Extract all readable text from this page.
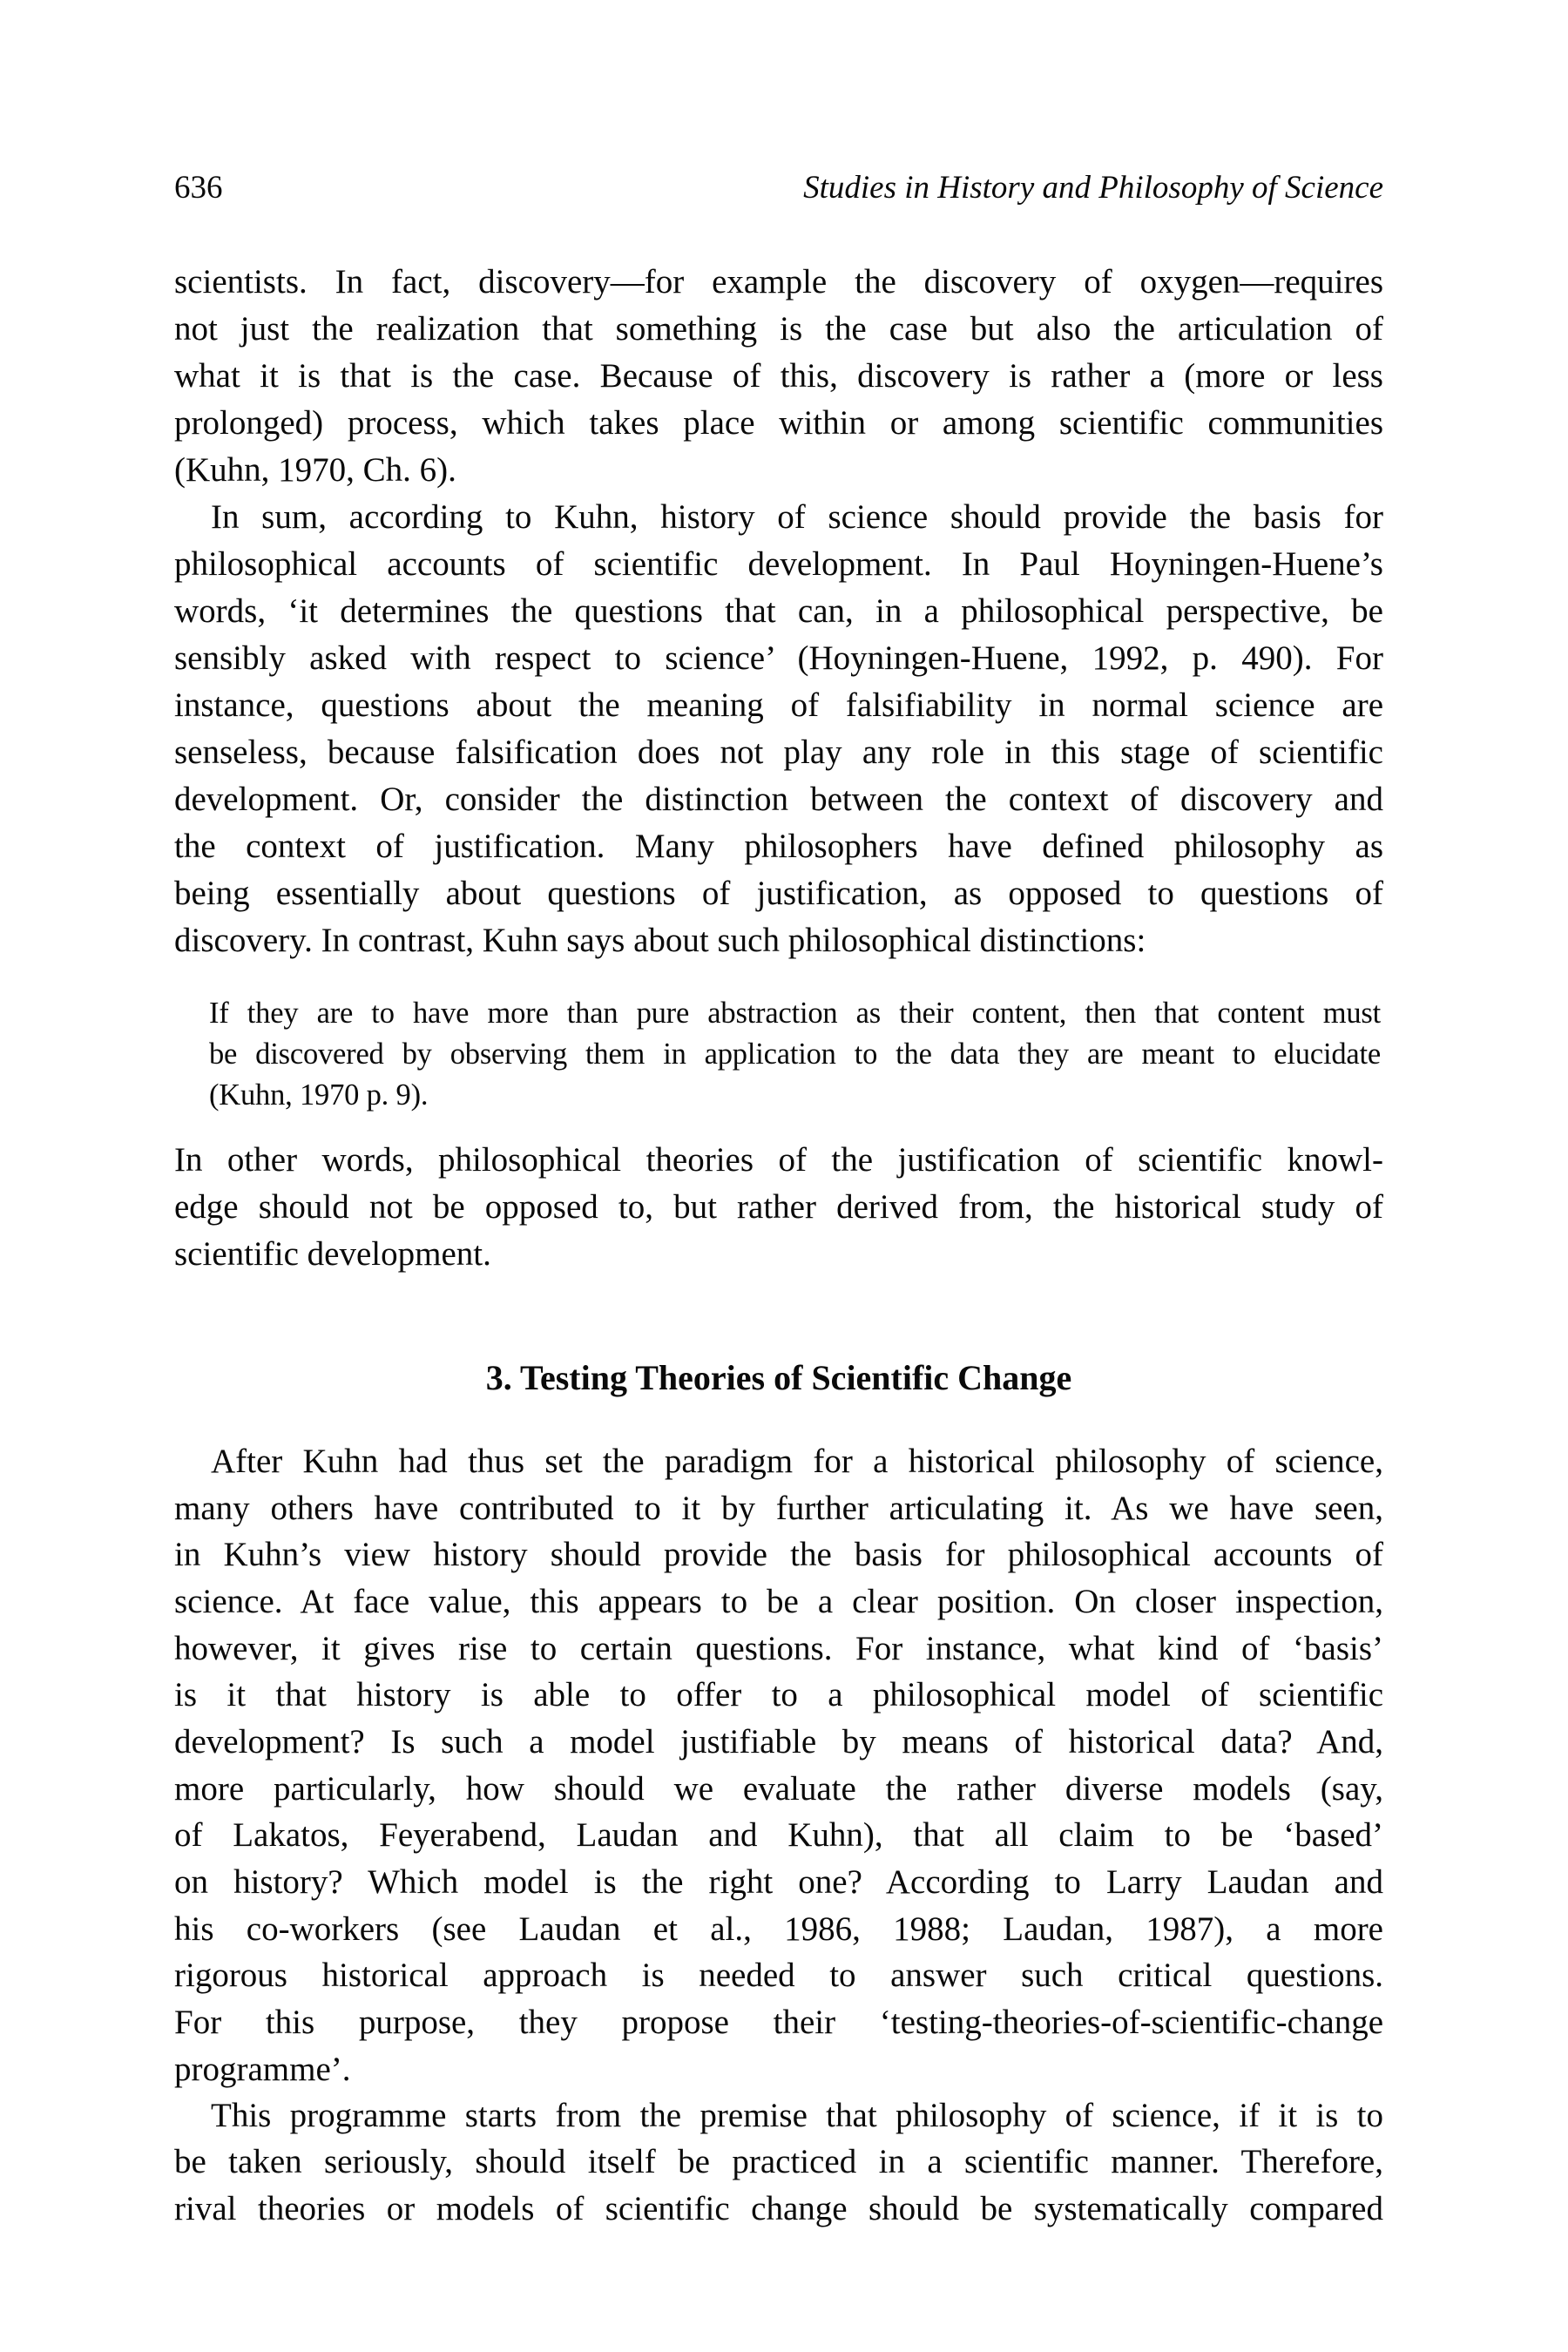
636	Studies in History and Philosophy of Science
scientists. In fact, discovery—for example the discovery of oxygen—requires
not just the realization that something is the case but also the articulation of
what it is that is the case. Because of this, discovery is rather a (more or less
prolonged) process, which takes place within or among scientific communities
(Kuhn, 1970, Ch. 6).
In sum, according to Kuhn, history of science should provide the basis for
philosophical accounts of scientific development. In Paul Hoyningen-Huene’s
words, ‘it determines the questions that can, in a philosophical perspective, be
sensibly asked with respect to science’ (Hoyningen-Huene, 1992, p. 490). For
instance, questions about the meaning of falsifiability in normal science are
senseless, because falsification does not play any role in this stage of scientific
development. Or, consider the distinction between the context of discovery and
the context of justification. Many philosophers have defined philosophy as
being essentially about questions of justification, as opposed to questions of
discovery. In contrast, Kuhn says about such philosophical distinctions:
If they are to have more than pure abstraction as their content, then that content must
be discovered by observing them in application to the data they are meant to elucidate
(Kuhn, 1970 p. 9).
In other words, philosophical theories of the justification of scientific knowl-
edge should not be opposed to, but rather derived from, the historical study of
scientific development.
3. Testing Theories of Scientific Change
After Kuhn had thus set the paradigm for a historical philosophy of science,
many others have contributed to it by further articulating it. As we have seen,
in Kuhn’s view history should provide the basis for philosophical accounts of
science. At face value, this appears to be a clear position. On closer inspection,
however, it gives rise to certain questions. For instance, what kind of ‘basis’
is it that history is able to offer to a philosophical model of scientific
development? Is such a model justifiable by means of historical data? And,
more particularly, how should we evaluate the rather diverse models (say,
of Lakatos, Feyerabend, Laudan and Kuhn), that all claim to be ‘based’
on history? Which model is the right one? According to Larry Laudan and
his co-workers (see Laudan et al., 1986, 1988; Laudan, 1987), a more
rigorous historical approach is needed to answer such critical questions.
For this purpose, they propose their ‘testing-theories-of-scientific-change
programme’.
This programme starts from the premise that philosophy of science, if it is to
be taken seriously, should itself be practiced in a scientific manner. Therefore,
rival theories or models of scientific change should be systematically compared
